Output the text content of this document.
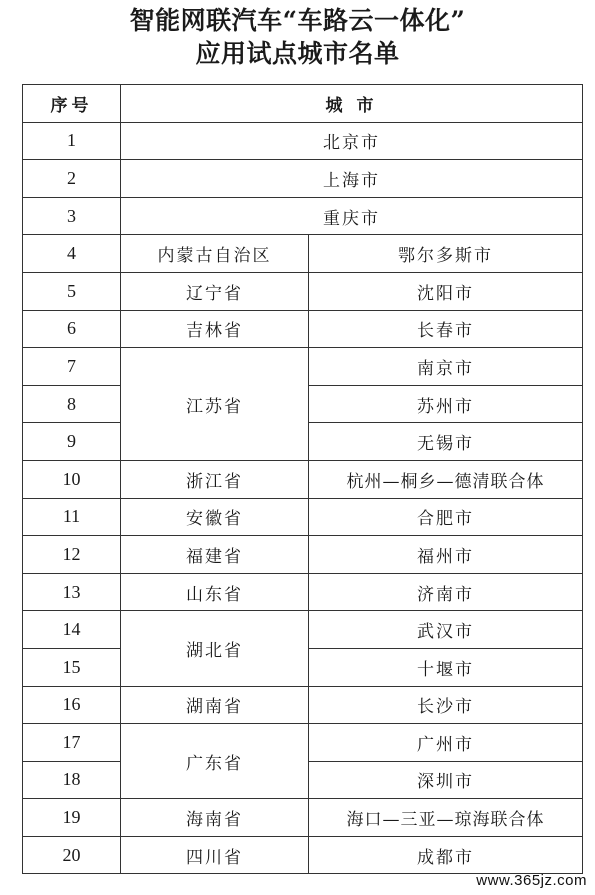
智能网联汽车“车路云一体化”
应用试点城市名单
序号	城 市	
1	北京市	
2	上海市	
3	重庆市	
4	内蒙古自治区	鄂尔多斯市
5	辽宁省	沈阳市
6	吉林省	长春市
7	江苏省	南京市
8		苏州市
9		无锡市
10	浙江省	杭州—桐乡—德清联合体
11	安徽省	合肥市
12	福建省	福州市
13	山东省	济南市
14	湖北省	武汉市
15		十堰市
16	湖南省	长沙市
17	广东省	广州市
18		深圳市
19	海南省	海口—三亚—琼海联合体
20	四川省	成都市
www.365jz.com
